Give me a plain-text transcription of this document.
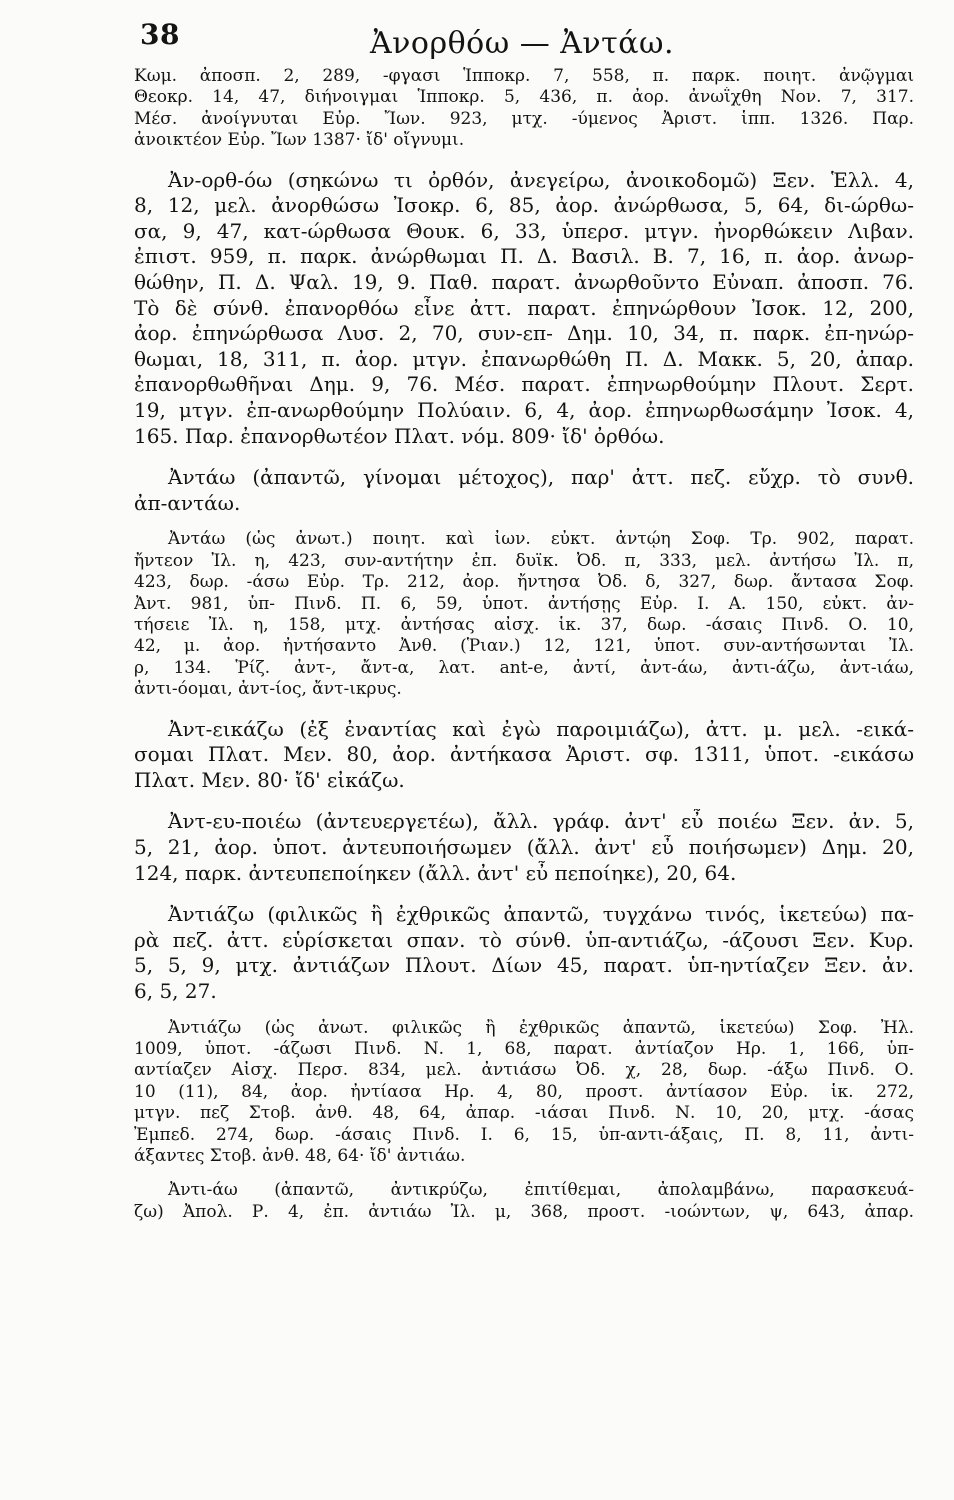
38	Ἀνορθόω — Ἀντάω.
Κωμ. ἀποσπ. 2, 289, -φγασι Ἱπποκρ. 7, 558, π. παρκ. ποιητ. ἀνῷγμαι
Θεοκρ. 14, 47, διήνοιγμαι Ἱπποκρ. 5, 436, π. ἀορ. ἀνωΐχθη Νον. 7, 317.
Μέσ. ἀνοίγνυται Εὐρ. Ἴων. 923, μτχ. -ύμενος Ἀριστ. ἱππ. 1326. Παρ.
ἀνοικτέον Εὐρ. Ἴων 1387· ἴδ' οἴγνυμι.
Ἀν-ορθ-όω (σηκώνω τι ὀρθόν, ἀνεγείρω, ἀνοικοδομῶ) Ξεν. Ἑλλ. 4,
8, 12, μελ. ἀνορθώσω Ἰσοκρ. 6, 85, ἀορ. ἀνώρθωσα, 5, 64, δι-ώρθω-
σα, 9, 47, κατ-ώρθωσα Θουκ. 6, 33, ὑπερσ. μτγν. ἠνορθώκειν Λιβαν.
ἐπιστ. 959, π. παρκ. ἀνώρθωμαι Π. Δ. Βασιλ. Β. 7, 16, π. ἀορ. ἀνωρ-
θώθην, Π. Δ. Ψαλ. 19, 9. Παθ. παρατ. ἀνωρθοῦντο Εὐναπ. ἀποσπ. 76.
Τὸ δὲ σύνθ. ἐπανορθόω εἶνε ἀττ. παρατ. ἐπηνώρθουν Ἰσοκ. 12, 200,
ἀορ. ἐπηνώρθωσα Λυσ. 2, 70, συν-επ- Δημ. 10, 34, π. παρκ. ἐπ-ηνώρ-
θωμαι, 18, 311, π. ἀορ. μτγν. ἐπανωρθώθη Π. Δ. Μακκ. 5, 20, ἀπαρ.
ἐπανορθωθῆναι Δημ. 9, 76. Μέσ. παρατ. ἐπηνωρθούμην Πλουτ. Σερτ.
19, μτγν. ἐπ-ανωρθούμην Πολύαιν. 6, 4, ἀορ. ἐπηνωρθωσάμην Ἰσοκ. 4,
165. Παρ. ἐπανορθωτέον Πλατ. νόμ. 809· ἴδ' ὀρθόω.
Ἀντάω (ἀπαντῶ, γίνομαι μέτοχος), παρ' ἀττ. πεζ. εὔχρ. τὸ συνθ.
ἀπ-αντάω.
Ἀντάω (ὡς ἀνωτ.) ποιητ. καὶ ἰων. εὐκτ. ἀντῴη Σοφ. Τρ. 902, παρατ.
ἤντεον Ἰλ. η, 423, συν-αντήτην ἐπ. δυϊκ. Ὀδ. π, 333, μελ. ἀντήσω Ἰλ. π,
423, δωρ. -άσω Εὐρ. Τρ. 212, ἀορ. ἤντησα Ὀδ. δ, 327, δωρ. ἄντασα Σοφ.
Ἀντ. 981, ὑπ- Πινδ. Π. 6, 59, ὑποτ. ἀντήσῃς Εὐρ. Ι. Α. 150, εὐκτ. ἀν-
τήσειε Ἰλ. η, 158, μτχ. ἀντήσας αἰσχ. ἱκ. 37, δωρ. -άσαις Πινδ. Ο. 10,
42, μ. ἀορ. ἠντήσαντο Ἀνθ. (Ῥιαν.) 12, 121, ὑποτ. συν-αντήσωνται Ἰλ.
ρ, 134. Ῥίζ. ἀντ-, ἄντ-α, λατ. ant-e, ἀντί, ἀντ-άω, ἀντι-άζω, ἀντ-ιάω,
ἀντι-όομαι, ἀντ-ίος, ἄντ-ικρυς.
Ἀντ-εικάζω (ἐξ ἐναντίας καὶ ἐγὼ παροιμιάζω), ἀττ. μ. μελ. -εικά-
σομαι Πλατ. Μεν. 80, ἀορ. ἀντήκασα Ἀριστ. σφ. 1311, ὑποτ. -εικάσω
Πλατ. Μεν. 80· ἴδ' εἰκάζω.
Ἀντ-ευ-ποιέω (ἀντευεργετέω), ἄλλ. γράφ. ἀντ' εὖ ποιέω Ξεν. ἀν. 5,
5, 21, ἀορ. ὑποτ. ἀντευποιήσωμεν (ἄλλ. ἀντ' εὖ ποιήσωμεν) Δημ. 20,
124, παρκ. ἀντευπεποίηκεν (ἄλλ. ἀντ' εὖ πεποίηκε), 20, 64.
Ἀντιάζω (φιλικῶς ἢ ἐχθρικῶς ἀπαντῶ, τυγχάνω τινός, ἱκετεύω) πα-
ρὰ πεζ. ἀττ. εὑρίσκεται σπαν. τὸ σύνθ. ὑπ-αντιάζω, -άζουσι Ξεν. Κυρ.
5, 5, 9, μτχ. ἀντιάζων Πλουτ. Δίων 45, παρατ. ὑπ-ηντίαζεν Ξεν. ἀν.
6, 5, 27.
Ἀντιάζω (ὡς ἀνωτ. φιλικῶς ἢ ἐχθρικῶς ἀπαντῶ, ἱκετεύω) Σοφ. Ἠλ.
1009, ὑποτ. -άζωσι Πινδ. Ν. 1, 68, παρατ. ἀντίαζον Ηρ. 1, 166, ὑπ-
αντίαζεν Αἰσχ. Περσ. 834, μελ. ἀντιάσω Ὀδ. χ, 28, δωρ. -άξω Πινδ. Ο.
10 (11), 84, ἀορ. ἠντίασα Ηρ. 4, 80, προστ. ἀντίασον Εὐρ. ἱκ. 272,
μτγν. πεζ Στοβ. ἀνθ. 48, 64, ἀπαρ. -ιάσαι Πινδ. Ν. 10, 20, μτχ. -άσας
Ἐμπεδ. 274, δωρ. -άσαις Πινδ. Ι. 6, 15, ὑπ-αντι-άξαις, Π. 8, 11, ἀντι-
άξαντες Στοβ. ἀνθ. 48, 64· ἴδ' ἀντιάω.
Ἀντι-άω (ἀπαντῶ, ἀντικρύζω, ἐπιτίθεμαι, ἀπολαμβάνω, παρασκευά-
ζω) Ἀπολ. Ρ. 4, ἐπ. ἀντιάω Ἰλ. μ, 368, προστ. -ιοώντων, ψ, 643, ἀπαρ.
